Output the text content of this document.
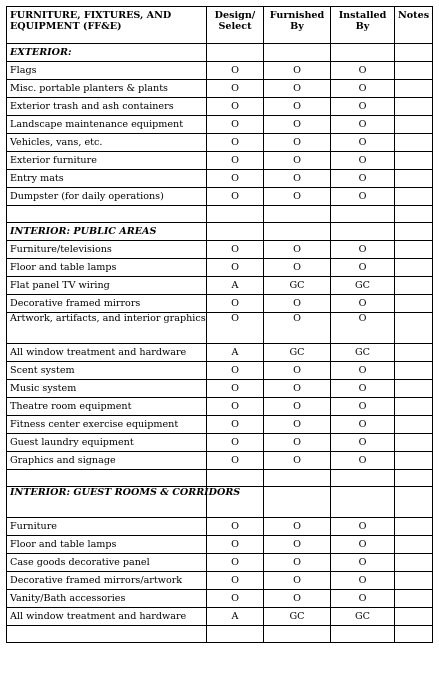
FURNITURE, FIXTURES, AND EQUIPMENT (FF&E)	Design/ Select	Furnished By	Installed By	Notes
EXTERIOR:				
Flags	O	O	O	
Misc. portable planters & plants	O	O	O	
Exterior trash and ash containers	O	O	O	
Landscape maintenance equipment	O	O	O	
Vehicles, vans, etc.	O	O	O	
Exterior furniture	O	O	O	
Entry mats	O	O	O	
Dumpster (for daily operations)	O	O	O	

INTERIOR: PUBLIC AREAS				
Furniture/televisions	O	O	O	
Floor and table lamps	O	O	O	
Flat panel TV wiring	A	GC	GC	
Decorative framed mirrors	O	O	O	
Artwork, artifacts, and interior graphics	O	O	O	
All window treatment and hardware	A	GC	GC	
Scent system	O	O	O	
Music system	O	O	O	
Theatre room equipment	O	O	O	
Fitness center exercise equipment	O	O	O	
Guest laundry equipment	O	O	O	
Graphics and signage	O	O	O	

INTERIOR: GUEST ROOMS & CORRIDORS				
Furniture	O	O	O	
Floor and table lamps	O	O	O	
Case goods decorative panel	O	O	O	
Decorative framed mirrors/artwork	O	O	O	
Vanity/Bath accessories	O	O	O	
All window treatment and hardware	A	GC	GC	
